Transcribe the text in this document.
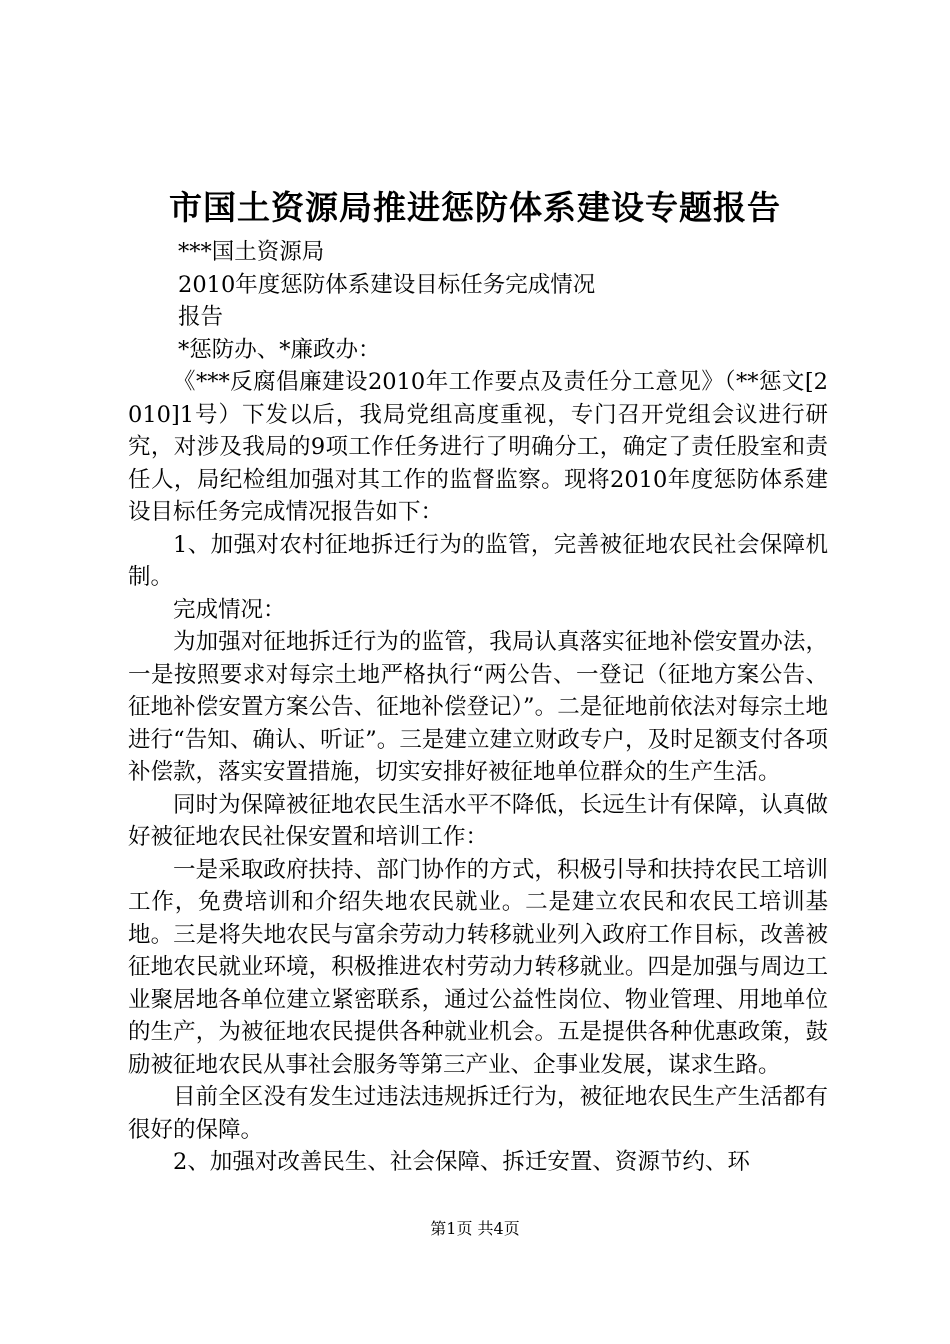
市国土资源局推进惩防体系建设专题报告

***国土资源局

2010年度惩防体系建设目标任务完成情况

报告

*惩防办、*廉政办：

《***反腐倡廉建设2010年工作要点及责任分工意见》（**惩文[2010]1号）下发以后，我局党组高度重视，专门召开党组会议进行研究，对涉及我局的9项工作任务进行了明确分工，确定了责任股室和责任人，局纪检组加强对其工作的监督监察。现将2010年度惩防体系建设目标任务完成情况报告如下：

1、加强对农村征地拆迁行为的监管，完善被征地农民社会保障机制。

完成情况：

为加强对征地拆迁行为的监管，我局认真落实征地补偿安置办法，一是按照要求对每宗土地严格执行“两公告、一登记（征地方案公告、征地补偿安置方案公告、征地补偿登记）”。二是征地前依法对每宗土地进行“告知、确认、听证”。三是建立建立财政专户，及时足额支付各项补偿款，落实安置措施，切实安排好被征地单位群众的生产生活。

同时为保障被征地农民生活水平不降低，长远生计有保障，认真做好被征地农民社保安置和培训工作：

一是采取政府扶持、部门协作的方式，积极引导和扶持农民工培训工作，免费培训和介绍失地农民就业。二是建立农民和农民工培训基地。三是将失地农民与富余劳动力转移就业列入政府工作目标，改善被征地农民就业环境，积极推进农村劳动力转移就业。四是加强与周边工业聚居地各单位建立紧密联系，通过公益性岗位、物业管理、用地单位的生产，为被征地农民提供各种就业机会。五是提供各种优惠政策，鼓励被征地农民从事社会服务等第三产业、企事业发展，谋求生路。

目前全区没有发生过违法违规拆迁行为，被征地农民生产生活都有很好的保障。

2、加强对改善民生、社会保障、拆迁安置、资源节约、环

第1页 共4页
